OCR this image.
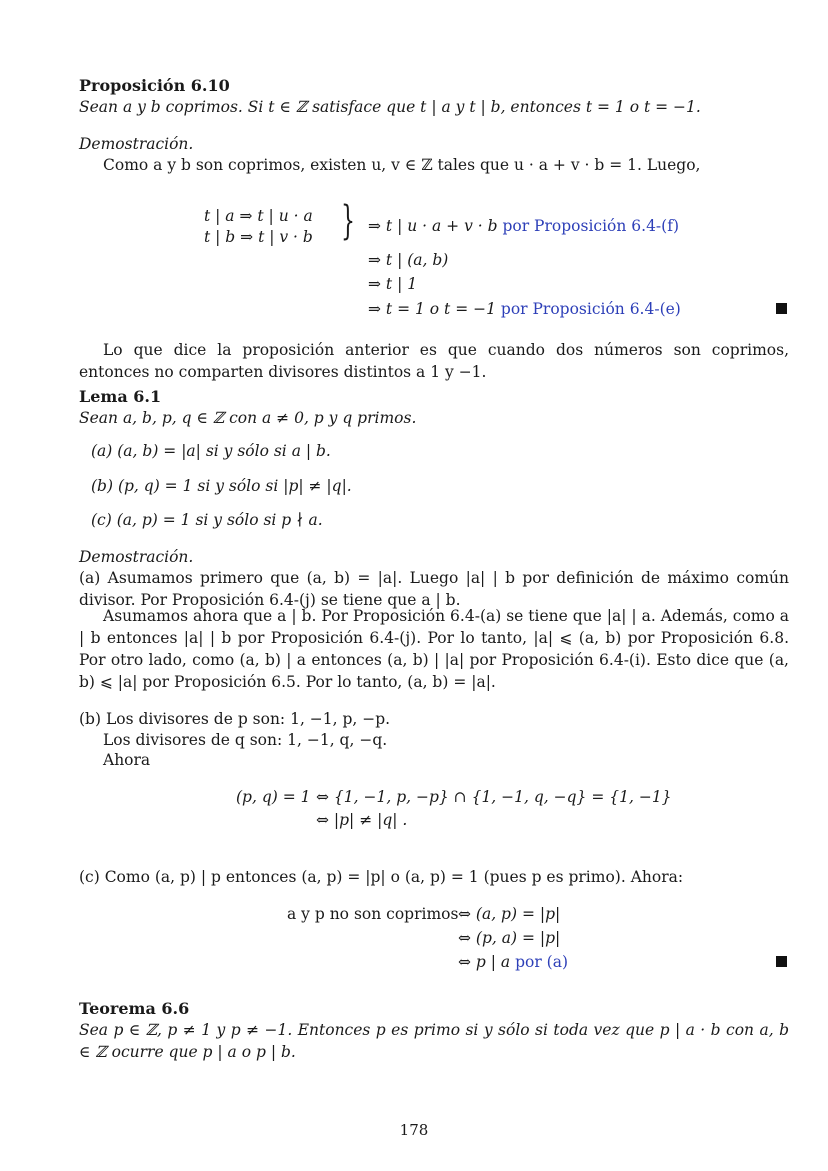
Proposición 6.10
Sean a y b coprimos. Si t ∈ ℤ satisface que t | a y t | b, entonces t = 1 o t = −1.
Demostración.
Como a y b son coprimos, existen u, v ∈ ℤ tales que u · a + v · b = 1. Luego,
t | a ⇒ t | u · a
t | b ⇒ t | v · b } ⇒ t | u · a + v · b por Proposición 6.4-(f)
⇒ t | (a, b)
⇒ t | 1
⇒ t = 1 o t = −1 por Proposición 6.4-(e)
Lo que dice la proposición anterior es que cuando dos números son coprimos, entonces no comparten divisores distintos a 1 y −1.
Lema 6.1
Sean a, b, p, q ∈ ℤ con a ≠ 0, p y q primos.
(a) (a, b) = |a| si y sólo si a | b.
(b) (p, q) = 1 si y sólo si |p| ≠ |q|.
(c) (a, p) = 1 si y sólo si p ∤ a.
Demostración.
(a) Asumamos primero que (a, b) = |a|. Luego |a| | b por definición de máximo común divisor. Por Proposición 6.4-(j) se tiene que a | b.
Asumamos ahora que a | b. Por Proposición 6.4-(a) se tiene que |a| | a. Además, como a | b entonces |a| | b por Proposición 6.4-(j). Por lo tanto, |a| ⩽ (a, b) por Proposición 6.8. Por otro lado, como (a, b) | a entonces (a, b) | |a| por Proposición 6.4-(i). Esto dice que (a, b) ⩽ |a| por Proposición 6.5. Por lo tanto, (a, b) = |a|.
(b) Los divisores de p son: 1, −1, p, −p.
Los divisores de q son: 1, −1, q, −q.
Ahora
(p, q) = 1 ⇔ {1, −1, p, −p} ∩ {1, −1, q, −q} = {1, −1}
⇔ |p| ≠ |q| .
(c) Como (a, p) | p entonces (a, p) = |p| o (a, p) = 1 (pues p es primo). Ahora:
a y p no son coprimos ⇔ (a, p) = |p|
⇔ (p, a) = |p|
⇔ p | a por (a)
Teorema 6.6
Sea p ∈ ℤ, p ≠ 1 y p ≠ −1. Entonces p es primo si y sólo si toda vez que p | a · b con a, b ∈ ℤ ocurre que p | a o p | b.
178
